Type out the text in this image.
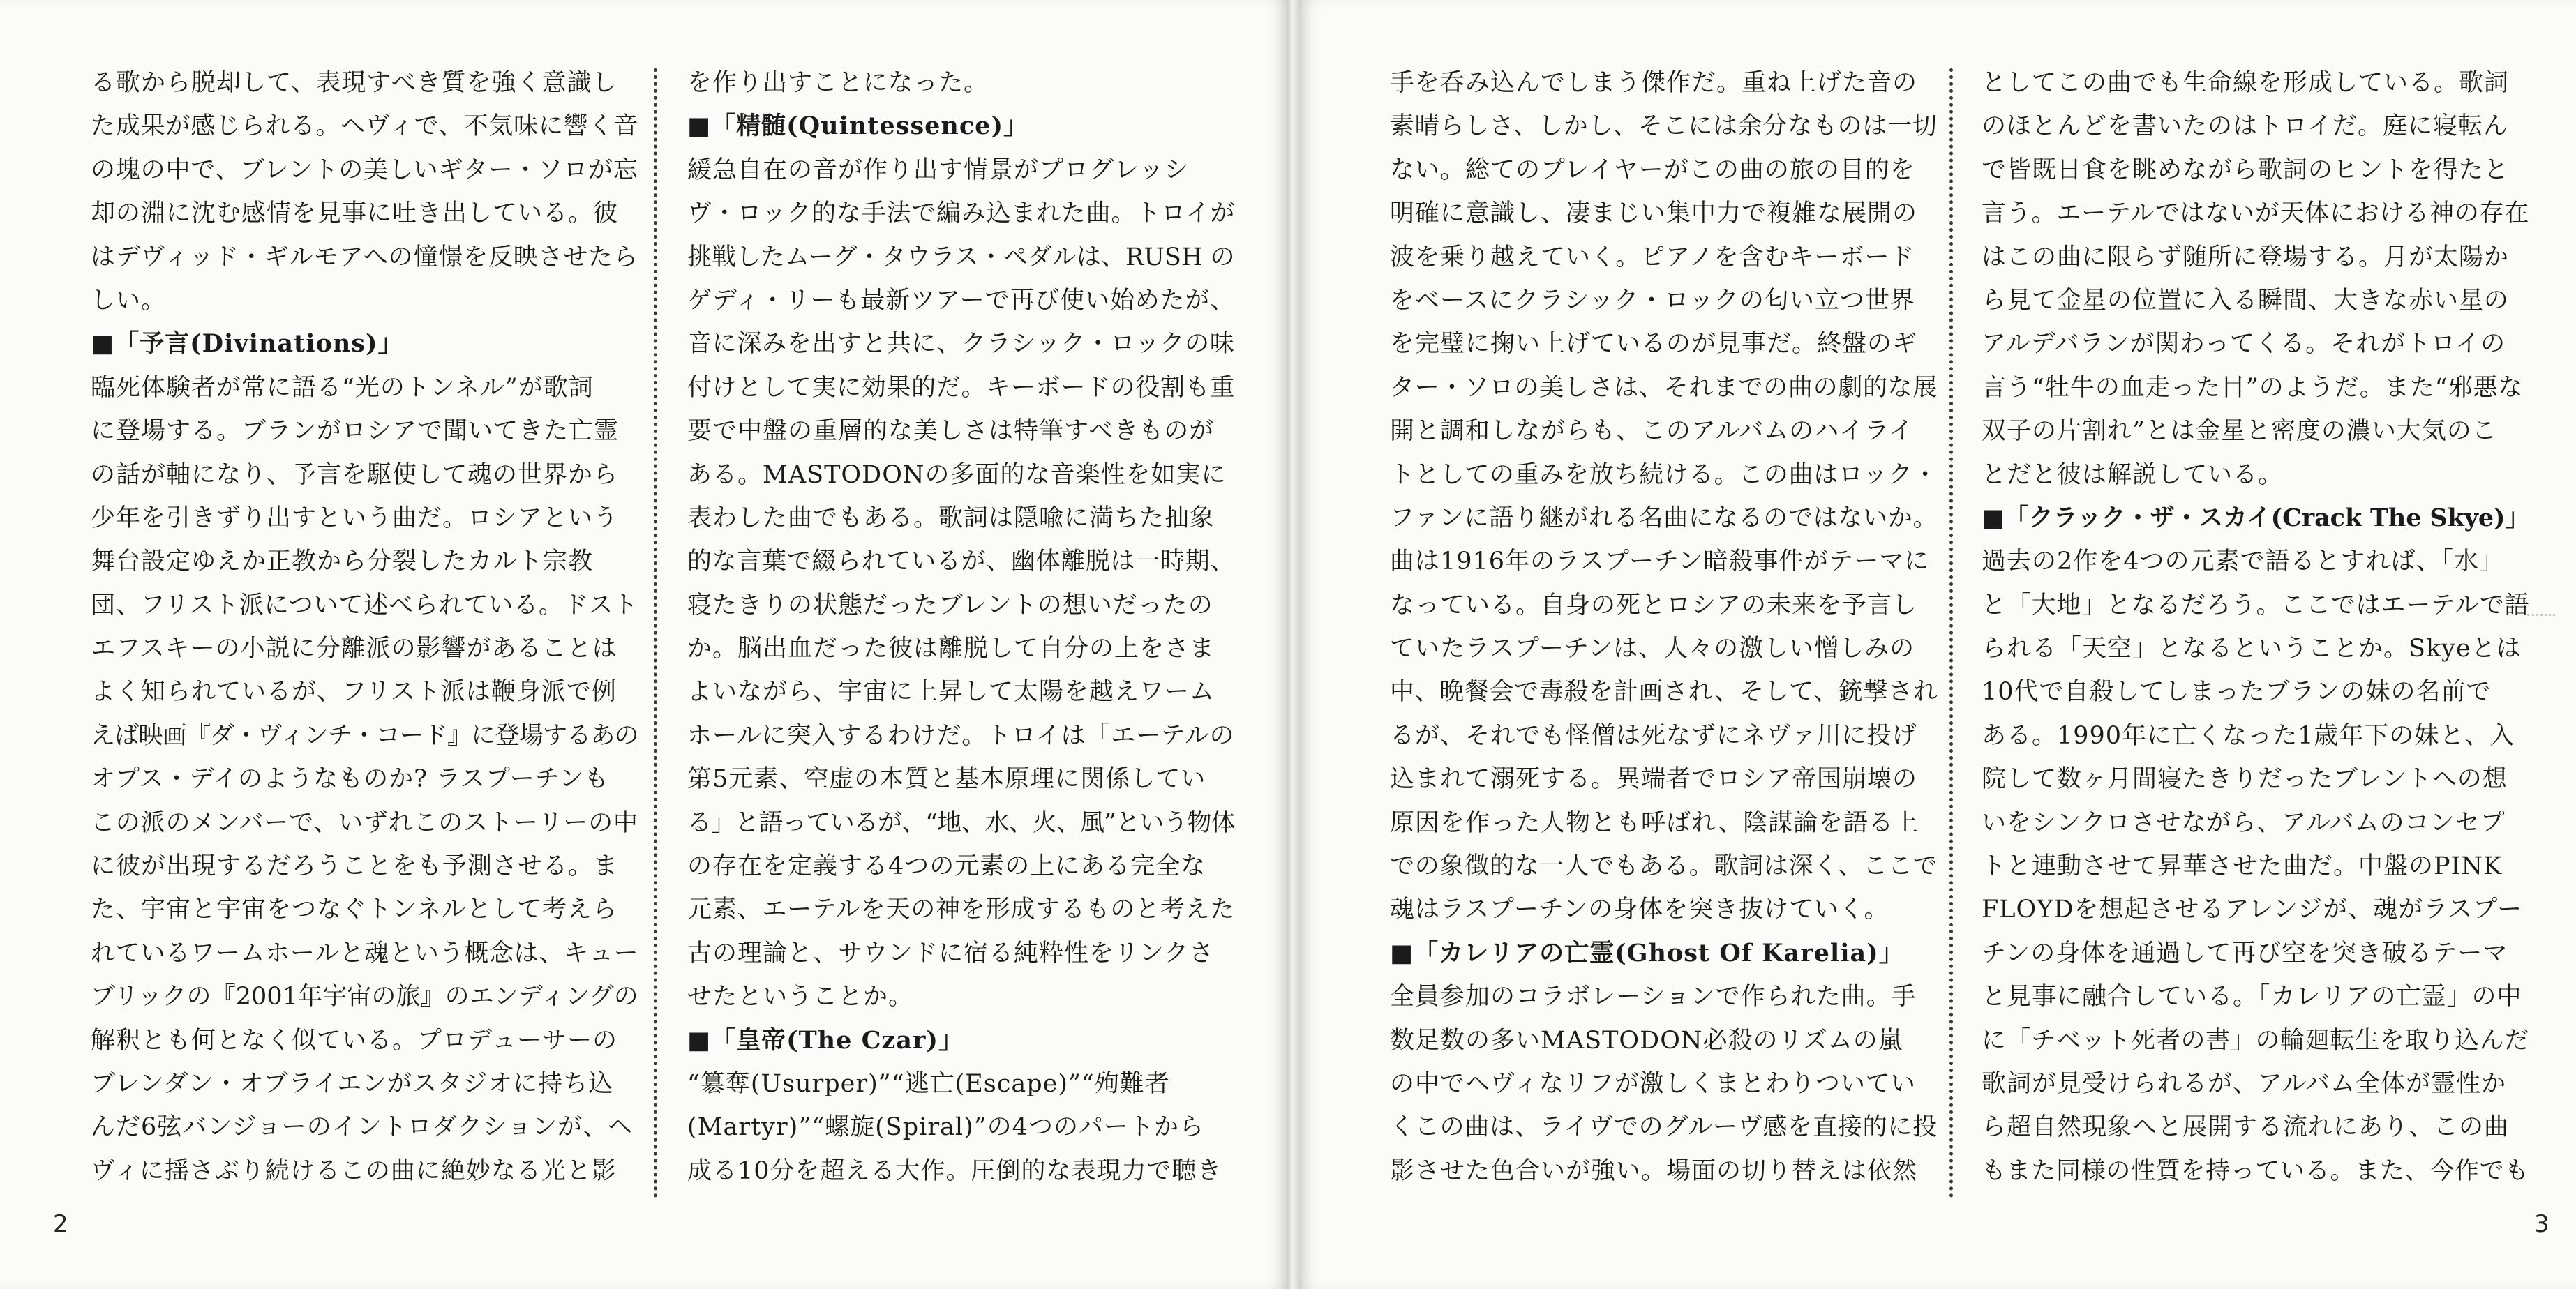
る歌から脱却して、表現すべき質を強く意識し
た成果が感じられる。ヘヴィで、不気味に響く音
の塊の中で、ブレントの美しいギター・ソロが忘
却の淵に沈む感情を見事に吐き出している。彼
はデヴィッド・ギルモアへの憧憬を反映させたら
しい。
■「予言(Divinations)」
臨死体験者が常に語る“光のトンネル”が歌詞
に登場する。ブランがロシアで聞いてきた亡霊
の話が軸になり、予言を駆使して魂の世界から
少年を引きずり出すという曲だ。ロシアという
舞台設定ゆえか正教から分裂したカルト宗教
団、フリスト派について述べられている。ドスト
エフスキーの小説に分離派の影響があることは
よく知られているが、フリスト派は鞭身派で例
えば映画『ダ・ヴィンチ・コード』に登場するあの
オプス・デイのようなものか? ラスプーチンも
この派のメンバーで、いずれこのストーリーの中
に彼が出現するだろうことをも予測させる。ま
た、宇宙と宇宙をつなぐトンネルとして考えら
れているワームホールと魂という概念は、キュー
ブリックの『2001年宇宙の旅』のエンディングの
解釈とも何となく似ている。プロデューサーの
ブレンダン・オブライエンがスタジオに持ち込
んだ6弦バンジョーのイントロダクションが、ヘ
ヴィに揺さぶり続けるこの曲に絶妙なる光と影
を作り出すことになった。
■「精髄(Quintessence)」
緩急自在の音が作り出す情景がプログレッシ
ヴ・ロック的な手法で編み込まれた曲。トロイが
挑戦したムーグ・タウラス・ペダルは、RUSH の
ゲディ・リーも最新ツアーで再び使い始めたが、
音に深みを出すと共に、クラシック・ロックの味
付けとして実に効果的だ。キーボードの役割も重
要で中盤の重層的な美しさは特筆すべきものが
ある。MASTODONの多面的な音楽性を如実に
表わした曲でもある。歌詞は隠喩に満ちた抽象
的な言葉で綴られているが、幽体離脱は一時期、
寝たきりの状態だったブレントの想いだったの
か。脳出血だった彼は離脱して自分の上をさま
よいながら、宇宙に上昇して太陽を越えワーム
ホールに突入するわけだ。トロイは「エーテルの
第5元素、空虚の本質と基本原理に関係してい
る」と語っているが、“地、水、火、風”という物体
の存在を定義する4つの元素の上にある完全な
元素、エーテルを天の神を形成するものと考えた
古の理論と、サウンドに宿る純粋性をリンクさ
せたということか。
■「皇帝(The Czar)」
“簒奪(Usurper)”“逃亡(Escape)”“殉難者
(Martyr)”“螺旋(Spiral)”の4つのパートから
成る10分を超える大作。圧倒的な表現力で聴き
2
手を呑み込んでしまう傑作だ。重ね上げた音の
素晴らしさ、しかし、そこには余分なものは一切
ない。総てのプレイヤーがこの曲の旅の目的を
明確に意識し、凄まじい集中力で複雑な展開の
波を乗り越えていく。ピアノを含むキーボード
をベースにクラシック・ロックの匂い立つ世界
を完璧に掬い上げているのが見事だ。終盤のギ
ター・ソロの美しさは、それまでの曲の劇的な展
開と調和しながらも、このアルバムのハイライ
トとしての重みを放ち続ける。この曲はロック・
ファンに語り継がれる名曲になるのではないか。
曲は1916年のラスプーチン暗殺事件がテーマに
なっている。自身の死とロシアの未来を予言し
ていたラスプーチンは、人々の激しい憎しみの
中、晩餐会で毒殺を計画され、そして、銃撃され
るが、それでも怪僧は死なずにネヴァ川に投げ
込まれて溺死する。異端者でロシア帝国崩壊の
原因を作った人物とも呼ばれ、陰謀論を語る上
での象徴的な一人でもある。歌詞は深く、ここで
魂はラスプーチンの身体を突き抜けていく。
■「カレリアの亡霊(Ghost Of Karelia)」
全員参加のコラボレーションで作られた曲。手
数足数の多いMASTODON必殺のリズムの嵐
の中でヘヴィなリフが激しくまとわりついてい
くこの曲は、ライヴでのグルーヴ感を直接的に投
影させた色合いが強い。場面の切り替えは依然
としてこの曲でも生命線を形成している。歌詞
のほとんどを書いたのはトロイだ。庭に寝転ん
で皆既日食を眺めながら歌詞のヒントを得たと
言う。エーテルではないが天体における神の存在
はこの曲に限らず随所に登場する。月が太陽か
ら見て金星の位置に入る瞬間、大きな赤い星の
アルデバランが関わってくる。それがトロイの
言う“牡牛の血走った目”のようだ。また“邪悪な
双子の片割れ”とは金星と密度の濃い大気のこ
とだと彼は解説している。
■「クラック・ザ・スカイ(Crack The Skye)」
過去の2作を4つの元素で語るとすれば、「水」
と「大地」となるだろう。ここではエーテルで語
られる「天空」となるということか。Skyeとは
10代で自殺してしまったブランの妹の名前で
ある。1990年に亡くなった1歳年下の妹と、入
院して数ヶ月間寝たきりだったブレントへの想
いをシンクロさせながら、アルバムのコンセプ
トと連動させて昇華させた曲だ。中盤のPINK
FLOYDを想起させるアレンジが、魂がラスプー
チンの身体を通過して再び空を突き破るテーマ
と見事に融合している。「カレリアの亡霊」の中
に「チベット死者の書」の輪廻転生を取り込んだ
歌詞が見受けられるが、アルバム全体が霊性か
ら超自然現象へと展開する流れにあり、この曲
もまた同様の性質を持っている。また、今作でも
3
